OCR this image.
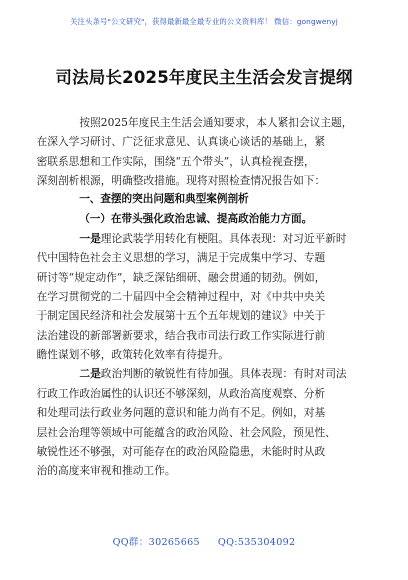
关注头条号"公文研究"，获得最新最全最专业的公文资料库！ 微信：gongwenyj
司法局长2025年度民主生活会发言提纲

按照2025年度民主生活会通知要求，本人紧扣会议主题，
在深入学习研讨、广泛征求意见、认真谈心谈话的基础上，紧
密联系思想和工作实际，围绕“五个带头”，认真检视查摆，
深刻剖析根源，明确整改措施。现将对照检查情况报告如下：

一、查摆的突出问题和典型案例剖析

（一）在带头强化政治忠诚、提高政治能力方面。

一是理论武装学用转化有梗阻。具体表现：对习近平新时
代中国特色社会主义思想的学习，满足于完成集中学习、专题
研讨等“规定动作”，缺乏深钻细研、融会贯通的韧劲。例如，
在学习贯彻党的二十届四中全会精神过程中，对《中共中央关
于制定国民经济和社会发展第十五个五年规划的建议》中关于
法治建设的新部署新要求，结合我市司法行政工作实际进行前
瞻性谋划不够，政策转化效率有待提升。

二是政治判断的敏锐性有待加强。具体表现：有时对司法
行政工作政治属性的认识还不够深刻，从政治高度观察、分析
和处理司法行政业务问题的意识和能力尚有不足。例如，对基
层社会治理等领域中可能蕴含的政治风险、社会风险，预见性、
敏锐性还不够强，对可能存在的政治风险隐患，未能时时从政
治的高度来审视和推动工作。

QQ群：30265665 QQ:535304092
